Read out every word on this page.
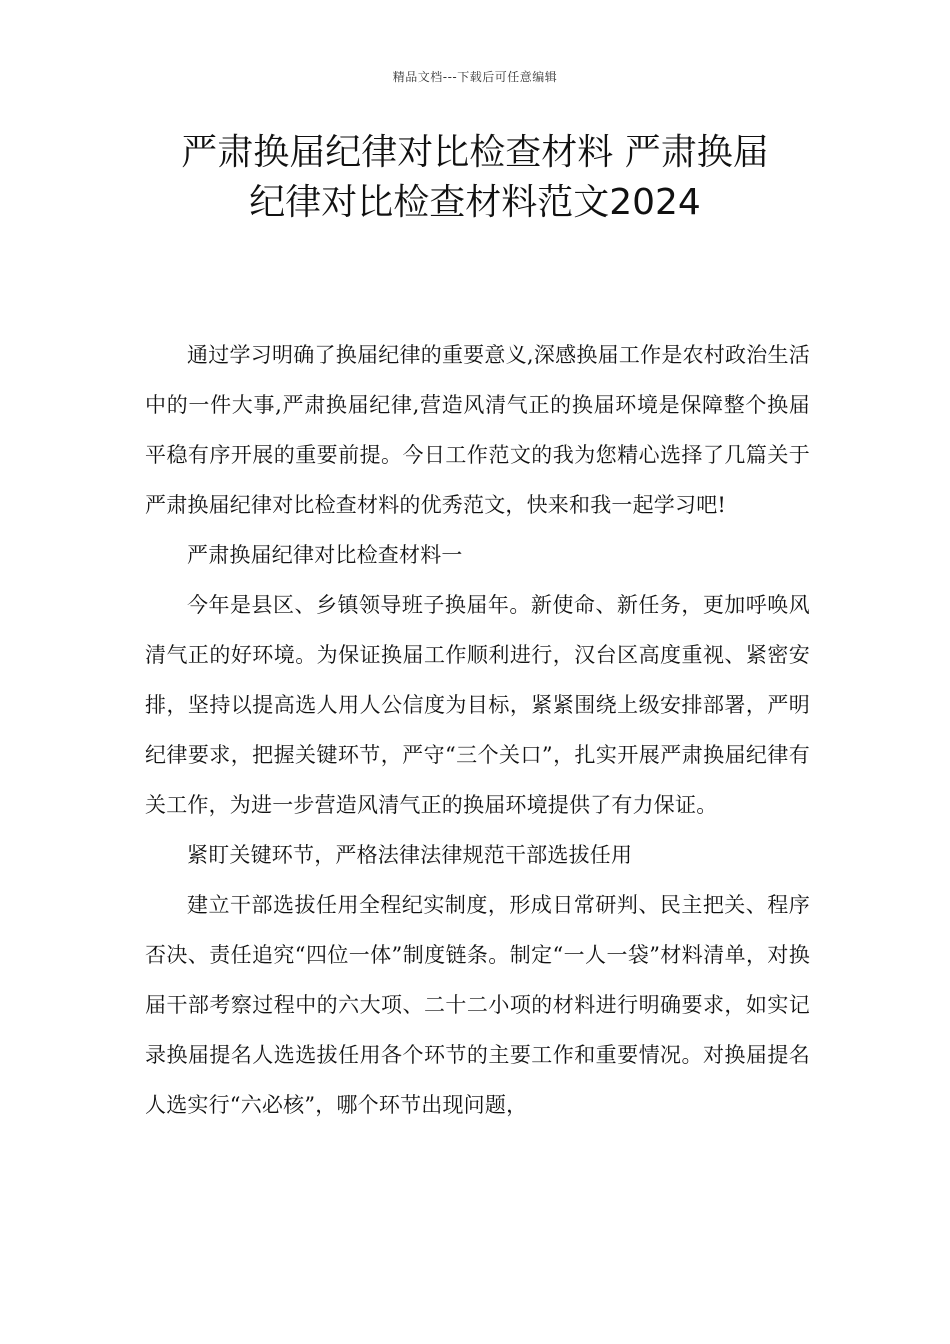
精品文档---下载后可任意编辑
严肃换届纪律对比检查材料 严肃换届
纪律对比检查材料范文2024

通过学习明确了换届纪律的重要意义,深感换届工作是农村政治生活中的一件大事,严肃换届纪律,营造风清气正的换届环境是保障整个换届平稳有序开展的重要前提。今日工作范文的我为您精心选择了几篇关于严肃换届纪律对比检查材料的优秀范文，快来和我一起学习吧!

严肃换届纪律对比检查材料一

今年是县区、乡镇领导班子换届年。新使命、新任务，更加呼唤风清气正的好环境。为保证换届工作顺利进行，汉台区高度重视、紧密安排，坚持以提高选人用人公信度为目标，紧紧围绕上级安排部署，严明纪律要求，把握关键环节，严守“三个关口”，扎实开展严肃换届纪律有关工作，为进一步营造风清气正的换届环境提供了有力保证。

紧盯关键环节，严格法律法律规范干部选拔任用

建立干部选拔任用全程纪实制度，形成日常研判、民主把关、程序否决、责任追究“四位一体”制度链条。制定“一人一袋”材料清单，对换届干部考察过程中的六大项、二十二小项的材料进行明确要求，如实记录换届提名人选选拔任用各个环节的主要工作和重要情况。对换届提名人选实行“六必核”，哪个环节出现问题，
